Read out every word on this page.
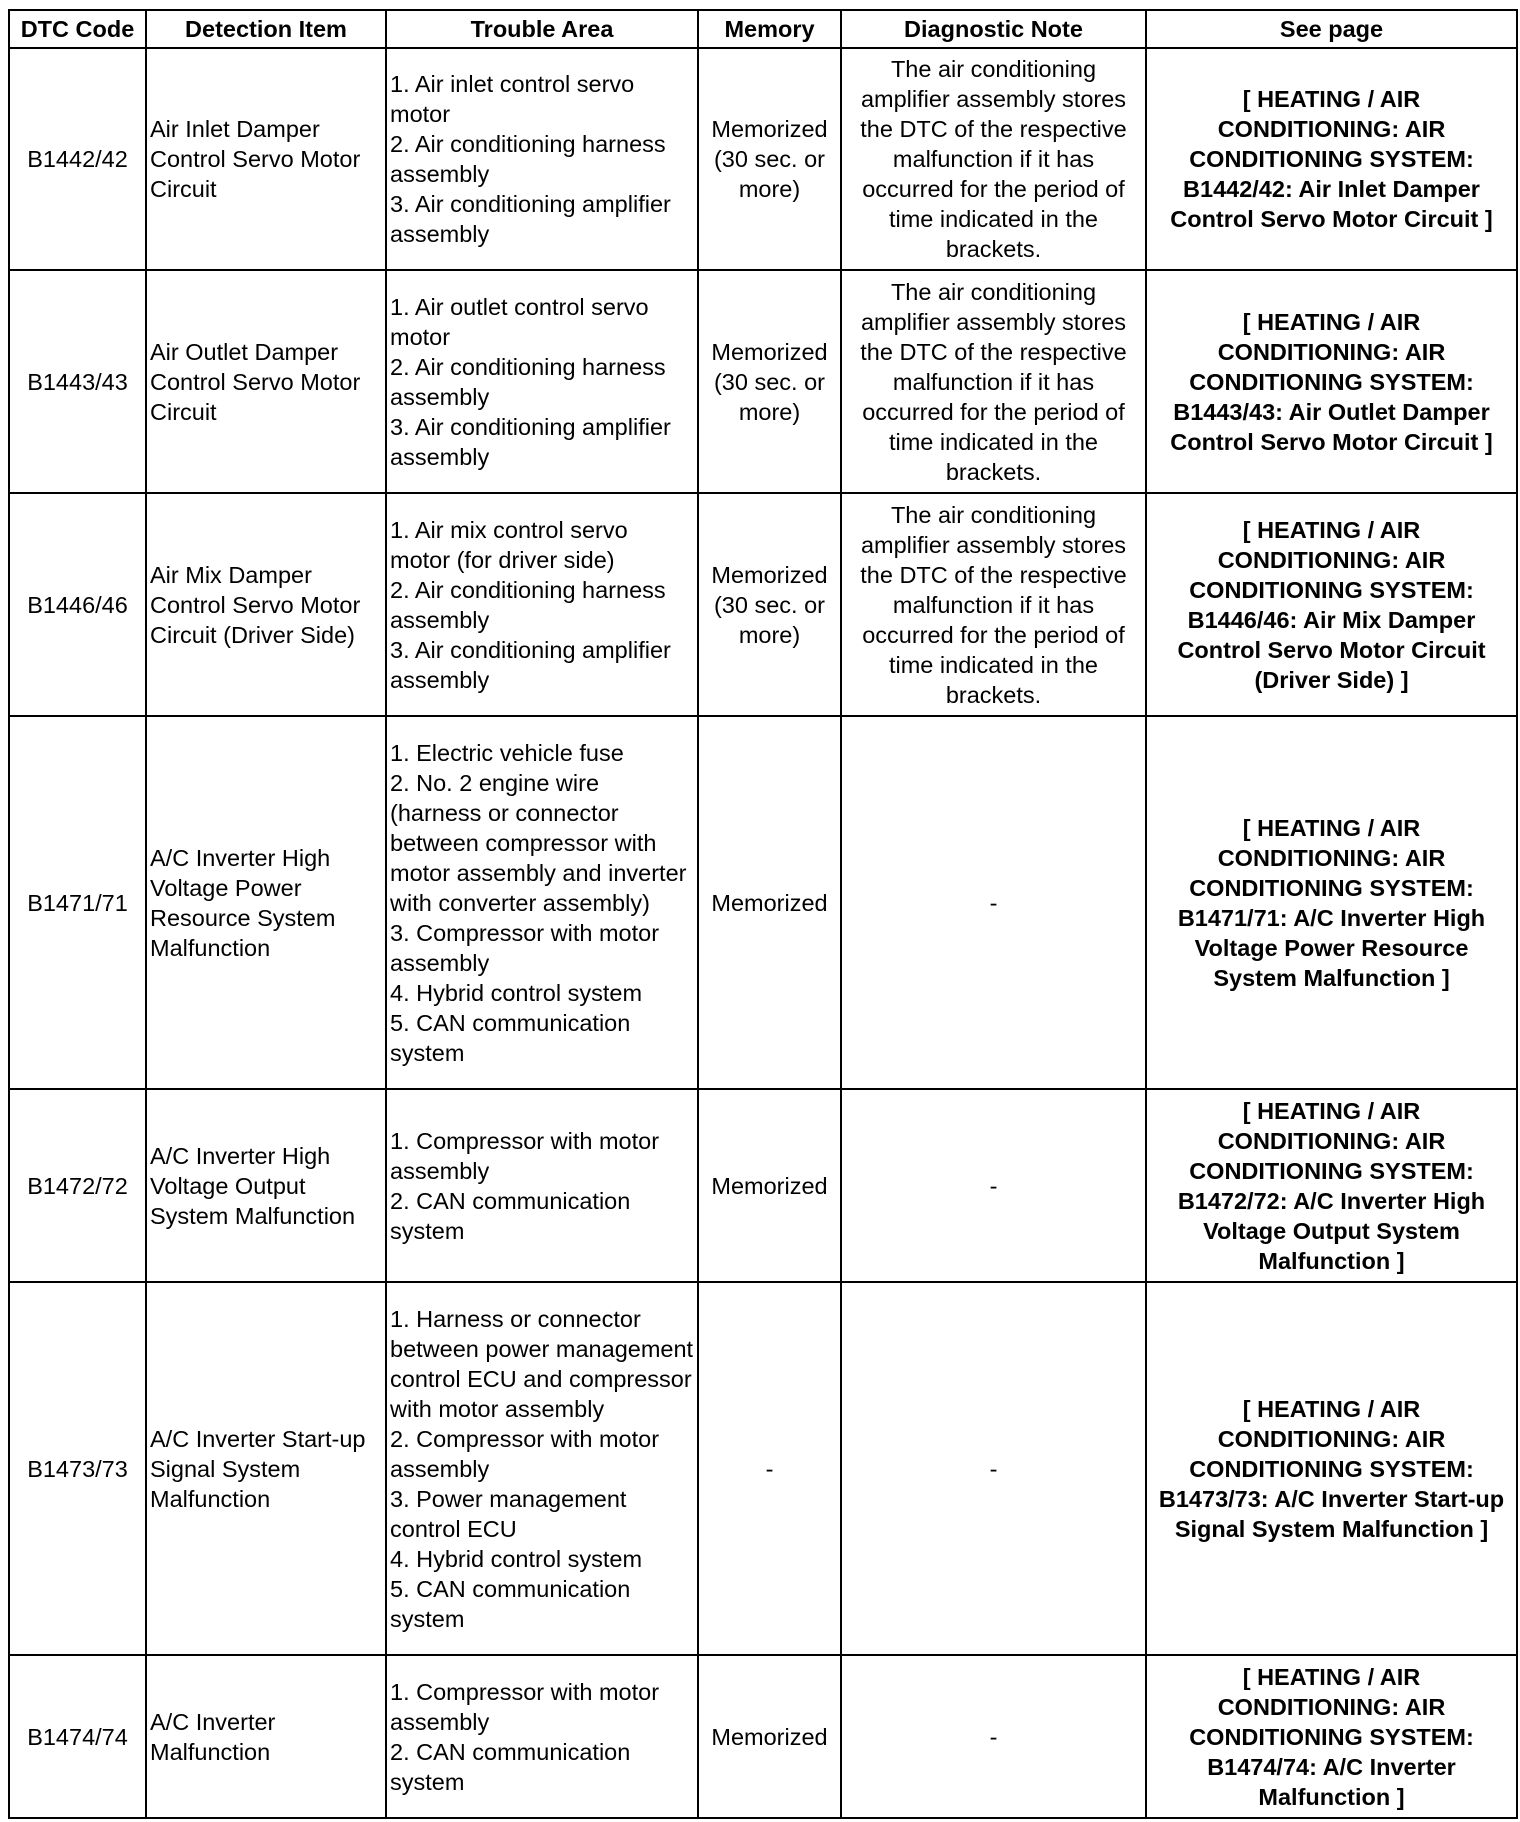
DTC Code	Detection Item	Trouble Area	Memory	Diagnostic Note	See page
B1442/42	Air Inlet Damper Control Servo Motor Circuit	1. Air inlet control servo motor
2. Air conditioning harness assembly
3. Air conditioning amplifier assembly	Memorized (30 sec. or more)	The air conditioning amplifier assembly stores the DTC of the respective malfunction if it has occurred for the period of time indicated in the brackets.	[ HEATING / AIR CONDITIONING: AIR CONDITIONING SYSTEM: B1442/42: Air Inlet Damper Control Servo Motor Circuit ]
B1443/43	Air Outlet Damper Control Servo Motor Circuit	1. Air outlet control servo motor
2. Air conditioning harness assembly
3. Air conditioning amplifier assembly	Memorized (30 sec. or more)	The air conditioning amplifier assembly stores the DTC of the respective malfunction if it has occurred for the period of time indicated in the brackets.	[ HEATING / AIR CONDITIONING: AIR CONDITIONING SYSTEM: B1443/43: Air Outlet Damper Control Servo Motor Circuit ]
B1446/46	Air Mix Damper Control Servo Motor Circuit (Driver Side)	1. Air mix control servo motor (for driver side)
2. Air conditioning harness assembly
3. Air conditioning amplifier assembly	Memorized (30 sec. or more)	The air conditioning amplifier assembly stores the DTC of the respective malfunction if it has occurred for the period of time indicated in the brackets.	[ HEATING / AIR CONDITIONING: AIR CONDITIONING SYSTEM: B1446/46: Air Mix Damper Control Servo Motor Circuit (Driver Side) ]
B1471/71	A/C Inverter High Voltage Power Resource System Malfunction	1. Electric vehicle fuse
2. No. 2 engine wire (harness or connector between compressor with motor assembly and inverter with converter assembly)
3. Compressor with motor assembly
4. Hybrid control system
5. CAN communication system	Memorized	-	[ HEATING / AIR CONDITIONING: AIR CONDITIONING SYSTEM: B1471/71: A/C Inverter High Voltage Power Resource System Malfunction ]
B1472/72	A/C Inverter High Voltage Output System Malfunction	1. Compressor with motor assembly
2. CAN communication system	Memorized	-	[ HEATING / AIR CONDITIONING: AIR CONDITIONING SYSTEM: B1472/72: A/C Inverter High Voltage Output System Malfunction ]
B1473/73	A/C Inverter Start-up Signal System Malfunction	1. Harness or connector between power management control ECU and compressor with motor assembly
2. Compressor with motor assembly
3. Power management control ECU
4. Hybrid control system
5. CAN communication system	-	-	[ HEATING / AIR CONDITIONING: AIR CONDITIONING SYSTEM: B1473/73: A/C Inverter Start-up Signal System Malfunction ]
B1474/74	A/C Inverter Malfunction	1. Compressor with motor assembly
2. CAN communication system	Memorized	-	[ HEATING / AIR CONDITIONING: AIR CONDITIONING SYSTEM: B1474/74: A/C Inverter Malfunction ]
